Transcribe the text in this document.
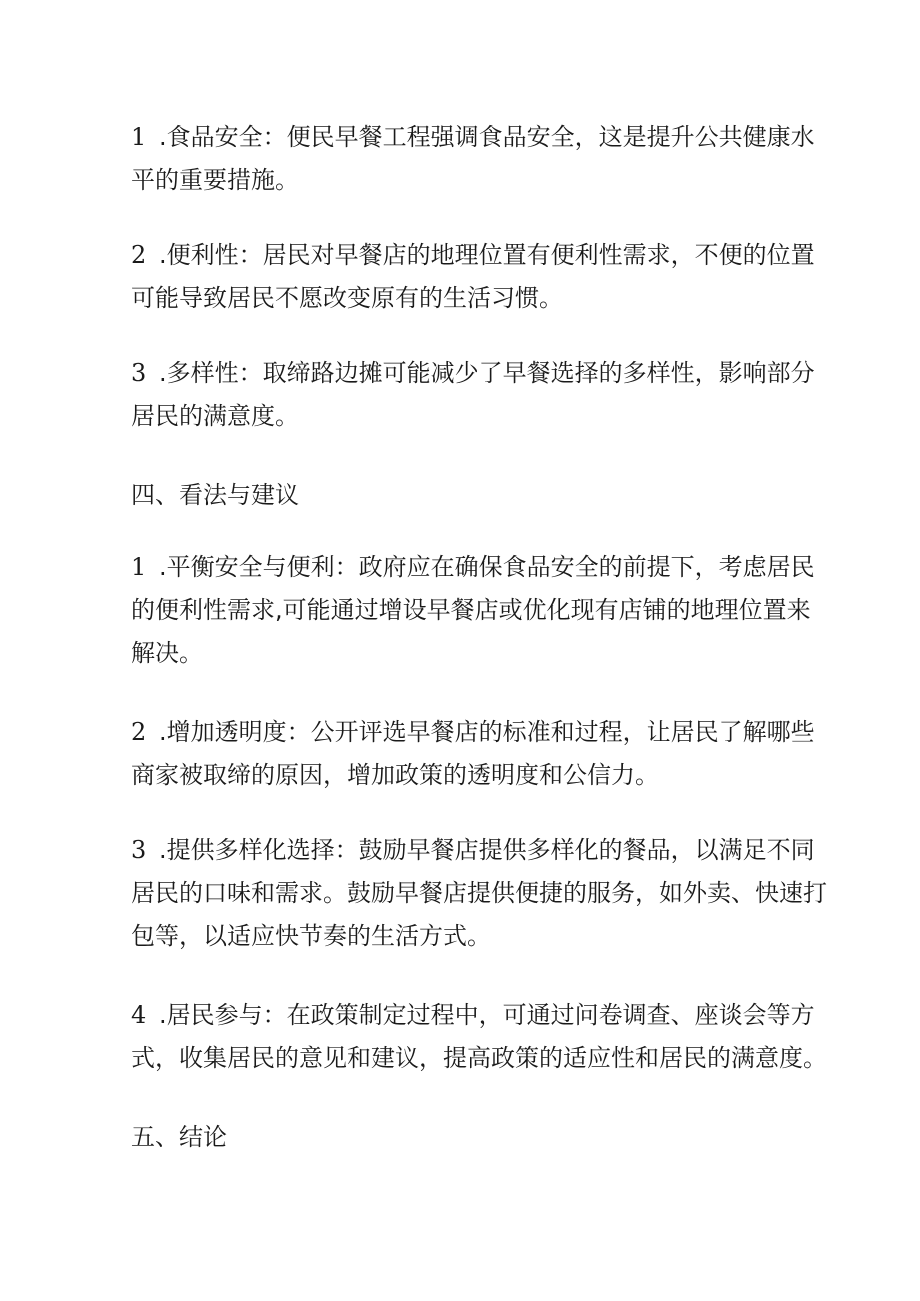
1 .食品安全：便民早餐工程强调食品安全，这是提升公共健康水
平的重要措施。
2 .便利性：居民对早餐店的地理位置有便利性需求，不便的位置
可能导致居民不愿改变原有的生活习惯。
3 .多样性：取缔路边摊可能减少了早餐选择的多样性，影响部分
居民的满意度。
四、看法与建议
1 .平衡安全与便利：政府应在确保食品安全的前提下，考虑居民
的便利性需求,可能通过增设早餐店或优化现有店铺的地理位置来
解决。
2 .增加透明度：公开评选早餐店的标准和过程，让居民了解哪些
商家被取缔的原因，增加政策的透明度和公信力。
3 .提供多样化选择：鼓励早餐店提供多样化的餐品，以满足不同
居民的口味和需求。鼓励早餐店提供便捷的服务，如外卖、快速打
包等，以适应快节奏的生活方式。
4 .居民参与：在政策制定过程中，可通过问卷调查、座谈会等方
式，收集居民的意见和建议，提高政策的适应性和居民的满意度。
五、结论
